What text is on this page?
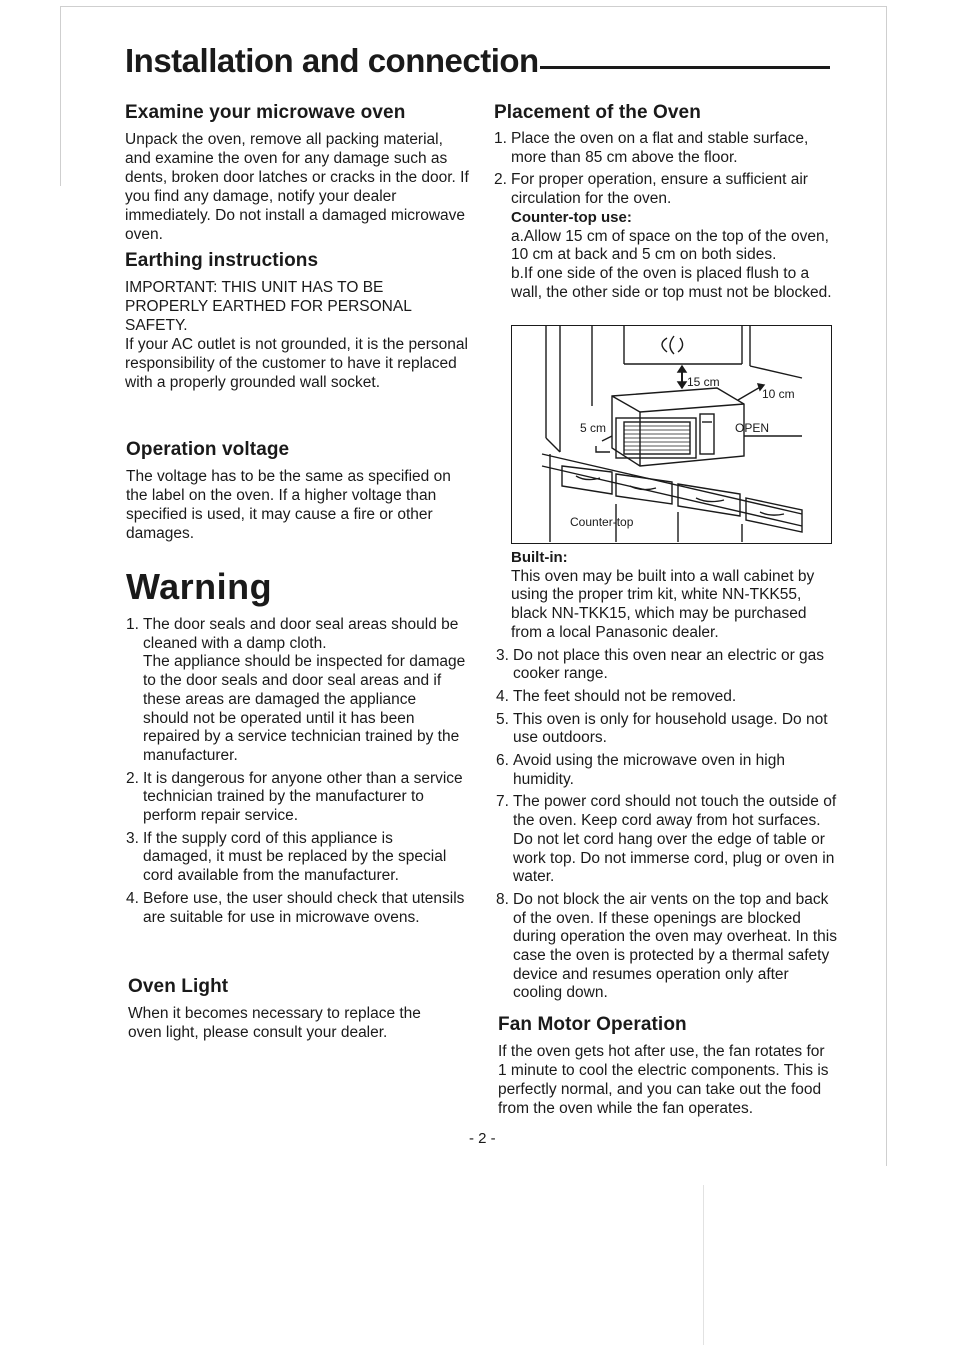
Installation and connection
Examine your microwave oven

Unpack the oven, remove all packing material, and examine the oven for any damage such as dents, broken door latches or cracks in the door. If you find any damage, notify your dealer immediately. Do not install a damaged microwave oven.

Earthing instructions

IMPORTANT: THIS UNIT HAS TO BE PROPERLY EARTHED FOR PERSONAL SAFETY.

If your AC outlet is not grounded, it is the personal responsibility of the customer to have it replaced with a properly grounded wall socket.

Operation voltage

The voltage has to be the same as specified on the label on the oven. If a higher voltage than specified is used, it may cause a fire or other damages.

Warning
1. The door seals and door seal areas should be cleaned with a damp cloth.
The appliance should be inspected for damage to the door seals and door seal areas and if these areas are damaged the appliance should not be operated until it has been repaired by a service technician trained by the manufacturer.
2. It is dangerous for anyone other than a service technician trained by the manufacturer to perform repair service.
3. If the supply cord of this appliance is damaged, it must be replaced by the special cord available from the manufacturer.
4. Before use, the user should check that utensils are suitable for use in microwave ovens.
Oven Light

When it becomes necessary to replace the oven light, please consult your dealer.

Placement of the Oven
1. Place the oven on a flat and stable surface, more than 85 cm above the floor.
2. For proper operation, ensure a sufficient air circulation for the oven.
Counter-top use:
a.Allow 15 cm of space on the top of the oven, 10 cm at back and 5 cm on both sides.
b.If one side of the oven is placed flush to a wall, the other side or top must not be blocked.
15 cm
10 cm
5 cm	OPEN
Counter-top
Built-in:
This oven may be built into a wall cabinet by using the proper trim kit, white NN-TKK55, black NN-TKK15, which may be purchased from a local Panasonic dealer.
3. Do not place this oven near an electric or gas cooker range.
4. The feet should not be removed.
5. This oven is only for household usage. Do not use outdoors.
6. Avoid using the microwave oven in high humidity.
7. The power cord should not touch the outside of the oven. Keep cord away from hot surfaces. Do not let cord hang over the edge of table or work top. Do not immerse cord, plug or oven in water.
8. Do not block the air vents on the top and back of the oven. If these openings are blocked during operation the oven may overheat. In this case the oven is protected by a thermal safety device and resumes operation only after cooling down.
Fan Motor Operation

If the oven gets hot after use, the fan rotates for 1 minute to cool the electric components. This is perfectly normal, and you can take out the food from the oven while the fan operates.

- 2 -
